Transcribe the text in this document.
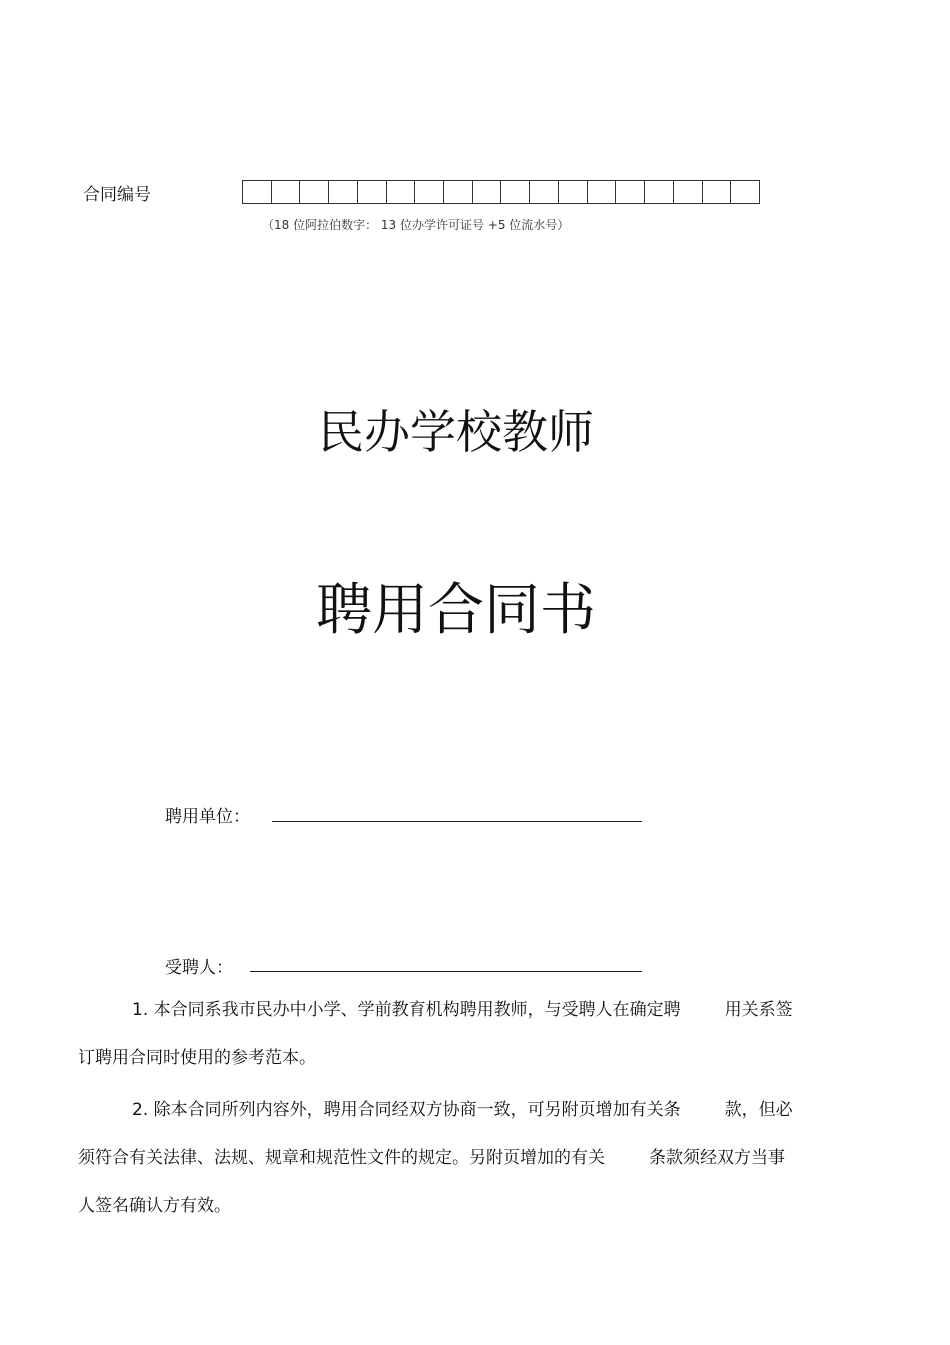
合同编号
（18 位阿拉伯数字： 13 位办学许可证号 +5 位流水号）
民办学校教师
聘用合同书
聘用单位：
受聘人：
1. 本合同系我市民办中小学、学前教育机构聘用教师，与受聘人在确定聘	用关系签
订聘用合同时使用的参考范本。
2. 除本合同所列内容外，聘用合同经双方协商一致，可另附页增加有关条	款，但必
须符合有关法律、法规、规章和规范性文件的规定。另附页增加的有关	条款须经双方当事
人签名确认方有效。
